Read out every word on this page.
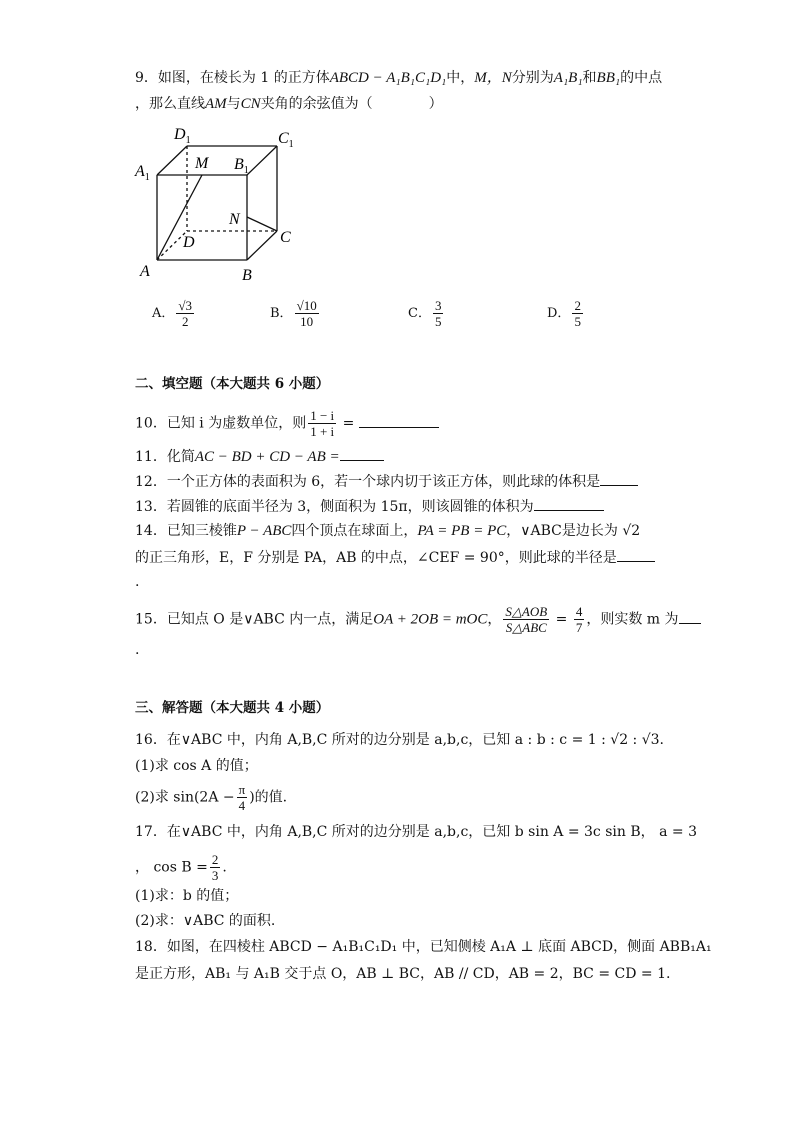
9．如图，在棱长为 1 的正方体ABCD − A₁B₁C₁D₁中，M，N分别为A₁B₁和BB₁的中点
，那么直线AM与CN夹角的余弦值为（　　　　）
$D_1$	$C_1$
$A_1$
$B_1$
M
N
D	C
A	B
A． $\frac{√3}{2}$	B． $\frac{√10}{10}$	C． $\frac{3}{5}$	D． $\frac{2}{5}$
二、填空题（本大题共 6 小题）
10．已知 i 为虚数单位，则 $\frac{1 - i}{1 + i}$ =
11．化简AC − BD + CD − AB =
12．一个正方体的表面积为 6，若一个球内切于该正方体，则此球的体积是
13．若圆锥的底面半径为 3，侧面积为 15π，则该圆锥的体积为
14．已知三棱锥P − ABC四个顶点在球面上，PA = PB = PC，∨ABC是边长为 √2
的正三角形，E，F 分别是 PA，AB 的中点，∠CEF = 90°，则此球的半径是
.
15．已知点 O 是∨ABC 内一点，满足OA + 2OB = mOC， $\frac{\text{S△AOB}}{\text{S△ABC}} = \frac{4}{7}$ ，则实数 m 为
.
三、解答题（本大题共 4 小题）
16．在∨ABC 中，内角 A,B,C 所对的边分别是 a,b,c，已知 a : b : c = 1 : √2 : √3.
(1)求 cos A 的值；
(2)求 $\sin(2A - \frac{\pi}{4}$ )的值.
17．在∨ABC 中，内角 A,B,C 所对的边分别是 a,b,c，已知 b sin A = 3c sin B， a = 3
， $\cos B = \frac{2}{3}$ .
(1)求：b 的值；
(2)求：∨ABC 的面积.
18．如图，在四棱柱 ABCD − A₁B₁C₁D₁ 中，已知侧棱 A₁A ⊥ 底面 ABCD，侧面 ABB₁A₁
是正方形，AB₁ 与 A₁B 交于点 O，AB ⊥ BC，AB // CD，AB = 2，BC = CD = 1.
